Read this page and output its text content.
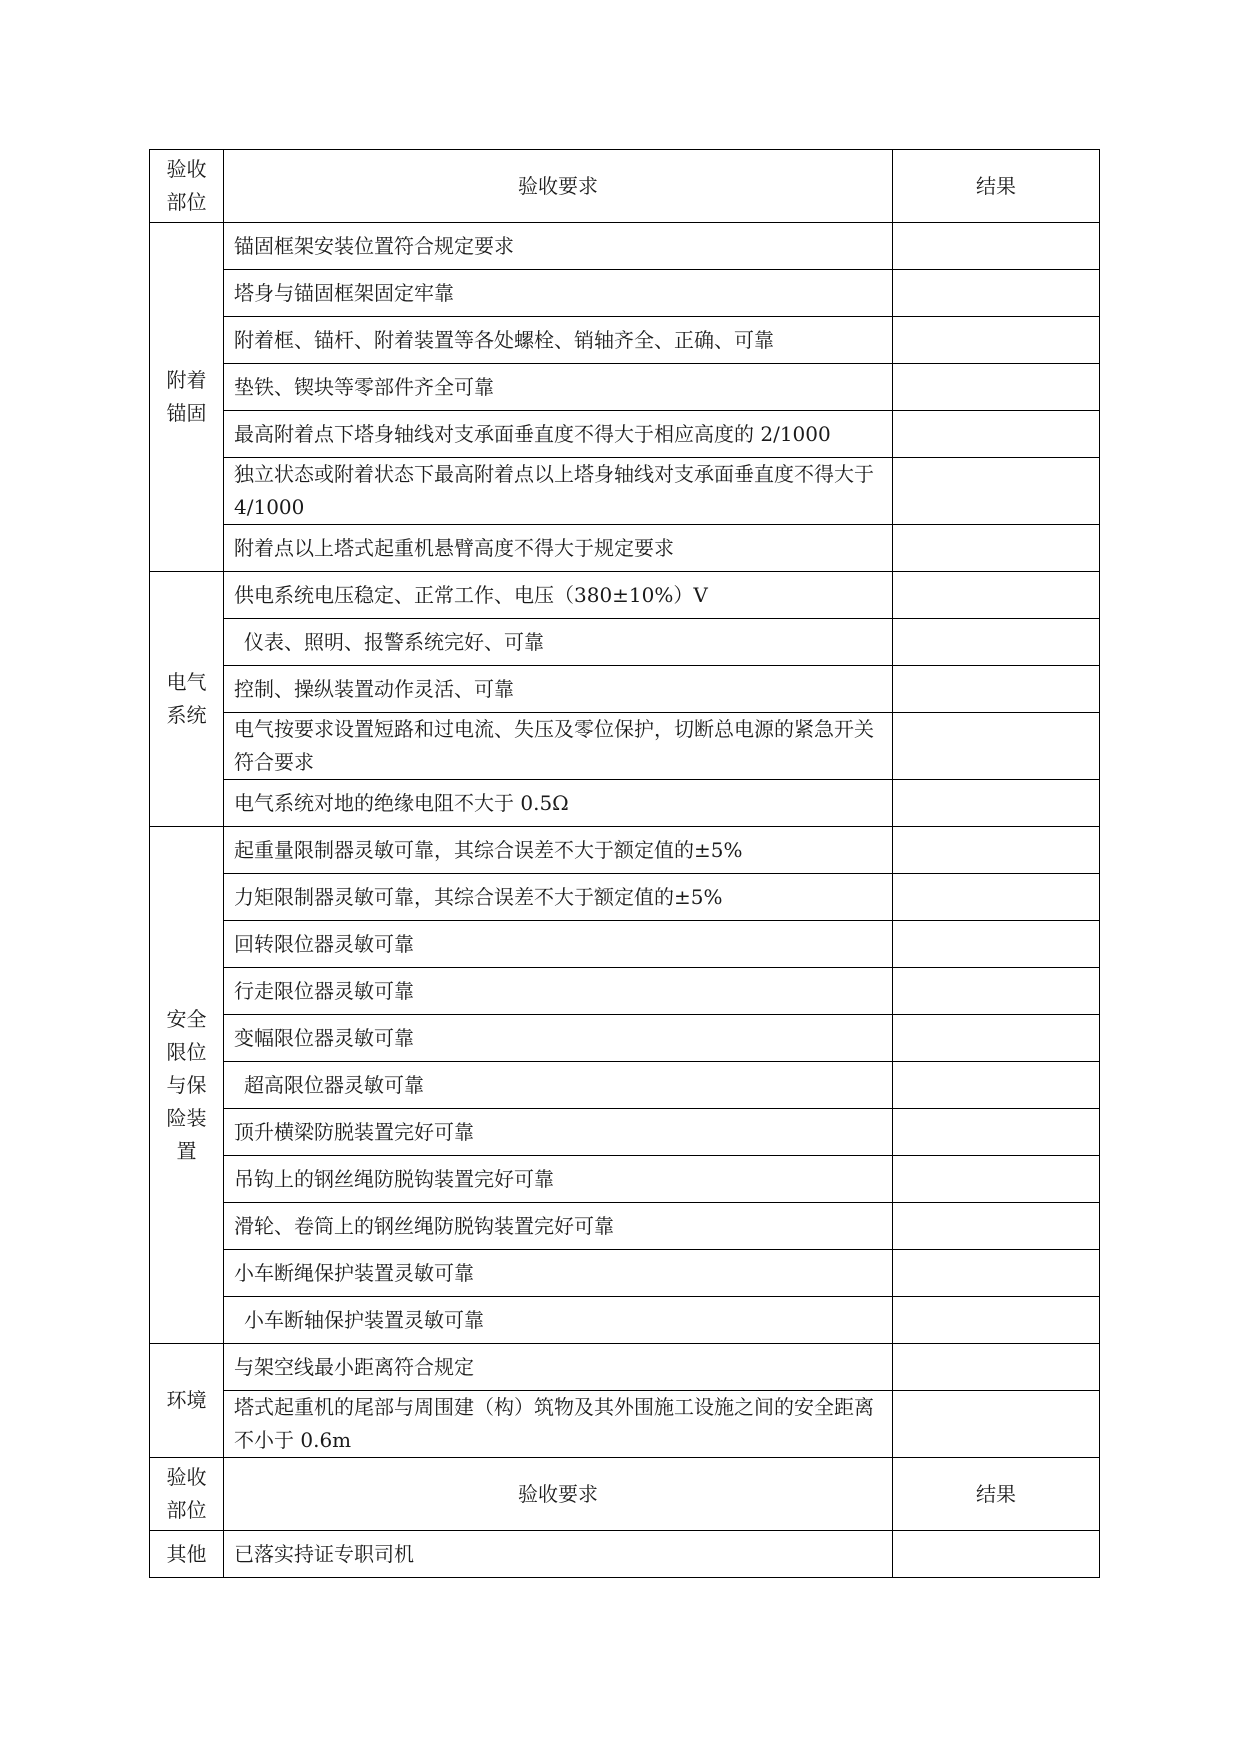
验收
部位	验收要求	结果

附着
锚固	锚固框架安装位置符合规定要求	
	塔身与锚固框架固定牢靠	
	附着框、锚杆、附着装置等各处螺栓、销轴齐全、正确、可靠	
	垫铁、锲块等零部件齐全可靠	
	最高附着点下塔身轴线对支承面垂直度不得大于相应高度的 2/1000	
	独立状态或附着状态下最高附着点以上塔身轴线对支承面垂直度不得大于 4/1000	
	附着点以上塔式起重机悬臂高度不得大于规定要求	

电气
系统	供电系统电压稳定、正常工作、电压（380±10%）V	
	仪表、照明、报警系统完好、可靠	
	控制、操纵装置动作灵活、可靠	
	电气按要求设置短路和过电流、失压及零位保护，切断总电源的紧急开关符合要求	
	电气系统对地的绝缘电阻不大于 0.5Ω	

安全
限位
与保
险装
置	起重量限制器灵敏可靠，其综合误差不大于额定值的±5%	
	力矩限制器灵敏可靠，其综合误差不大于额定值的±5%	
	回转限位器灵敏可靠	
	行走限位器灵敏可靠	
	变幅限位器灵敏可靠	
	超高限位器灵敏可靠	
	顶升横梁防脱装置完好可靠	
	吊钩上的钢丝绳防脱钩装置完好可靠	
	滑轮、卷筒上的钢丝绳防脱钩装置完好可靠	
	小车断绳保护装置灵敏可靠	
	小车断轴保护装置灵敏可靠	
环境	与架空线最小距离符合规定	
	塔式起重机的尾部与周围建（构）筑物及其外围施工设施之间的安全距离不小于 0.6m	

验收
部位	验收要求	结果
其他	已落实持证专职司机	
